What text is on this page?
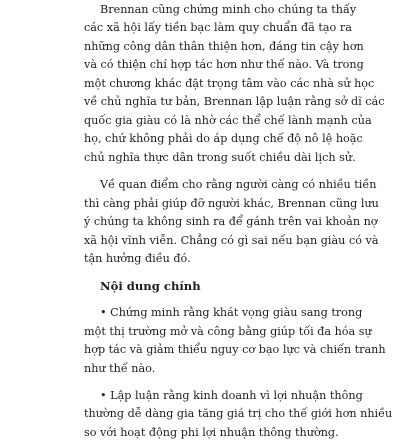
Brennan cũng chứng minh cho chúng ta thấy
các xã hội lấy tiền bạc làm quy chuẩn đã tạo ra
những công dân thân thiện hơn, đáng tin cậy hơn
và có thiện chí hợp tác hơn như thế nào. Và trong
một chương khác đặt trọng tâm vào các nhà sử học
về chủ nghĩa tư bản, Brennan lập luận rằng sở dĩ các
quốc gia giàu có là nhờ các thể chế lành mạnh của
họ, chứ không phải do áp dụng chế độ nô lệ hoặc
chủ nghĩa thực dân trong suốt chiều dài lịch sử.
Về quan điểm cho rằng người càng có nhiều tiền
thì càng phải giúp đỡ người khác, Brennan cũng lưu
ý chúng ta không sinh ra để gánh trên vai khoản nợ
xã hội vĩnh viễn. Chẳng có gì sai nếu bạn giàu có và
tận hưởng điều đó.
Nội dung chính
• Chứng minh rằng khát vọng giàu sang trong
một thị trường mở và công bằng giúp tối đa hóa sự
hợp tác và giảm thiểu nguy cơ bạo lực và chiến tranh
như thế nào.
• Lập luận rằng kinh doanh vì lợi nhuận thông
thường dễ dàng gia tăng giá trị cho thế giới hơn nhiều
so với hoạt động phi lợi nhuận thông thường.
